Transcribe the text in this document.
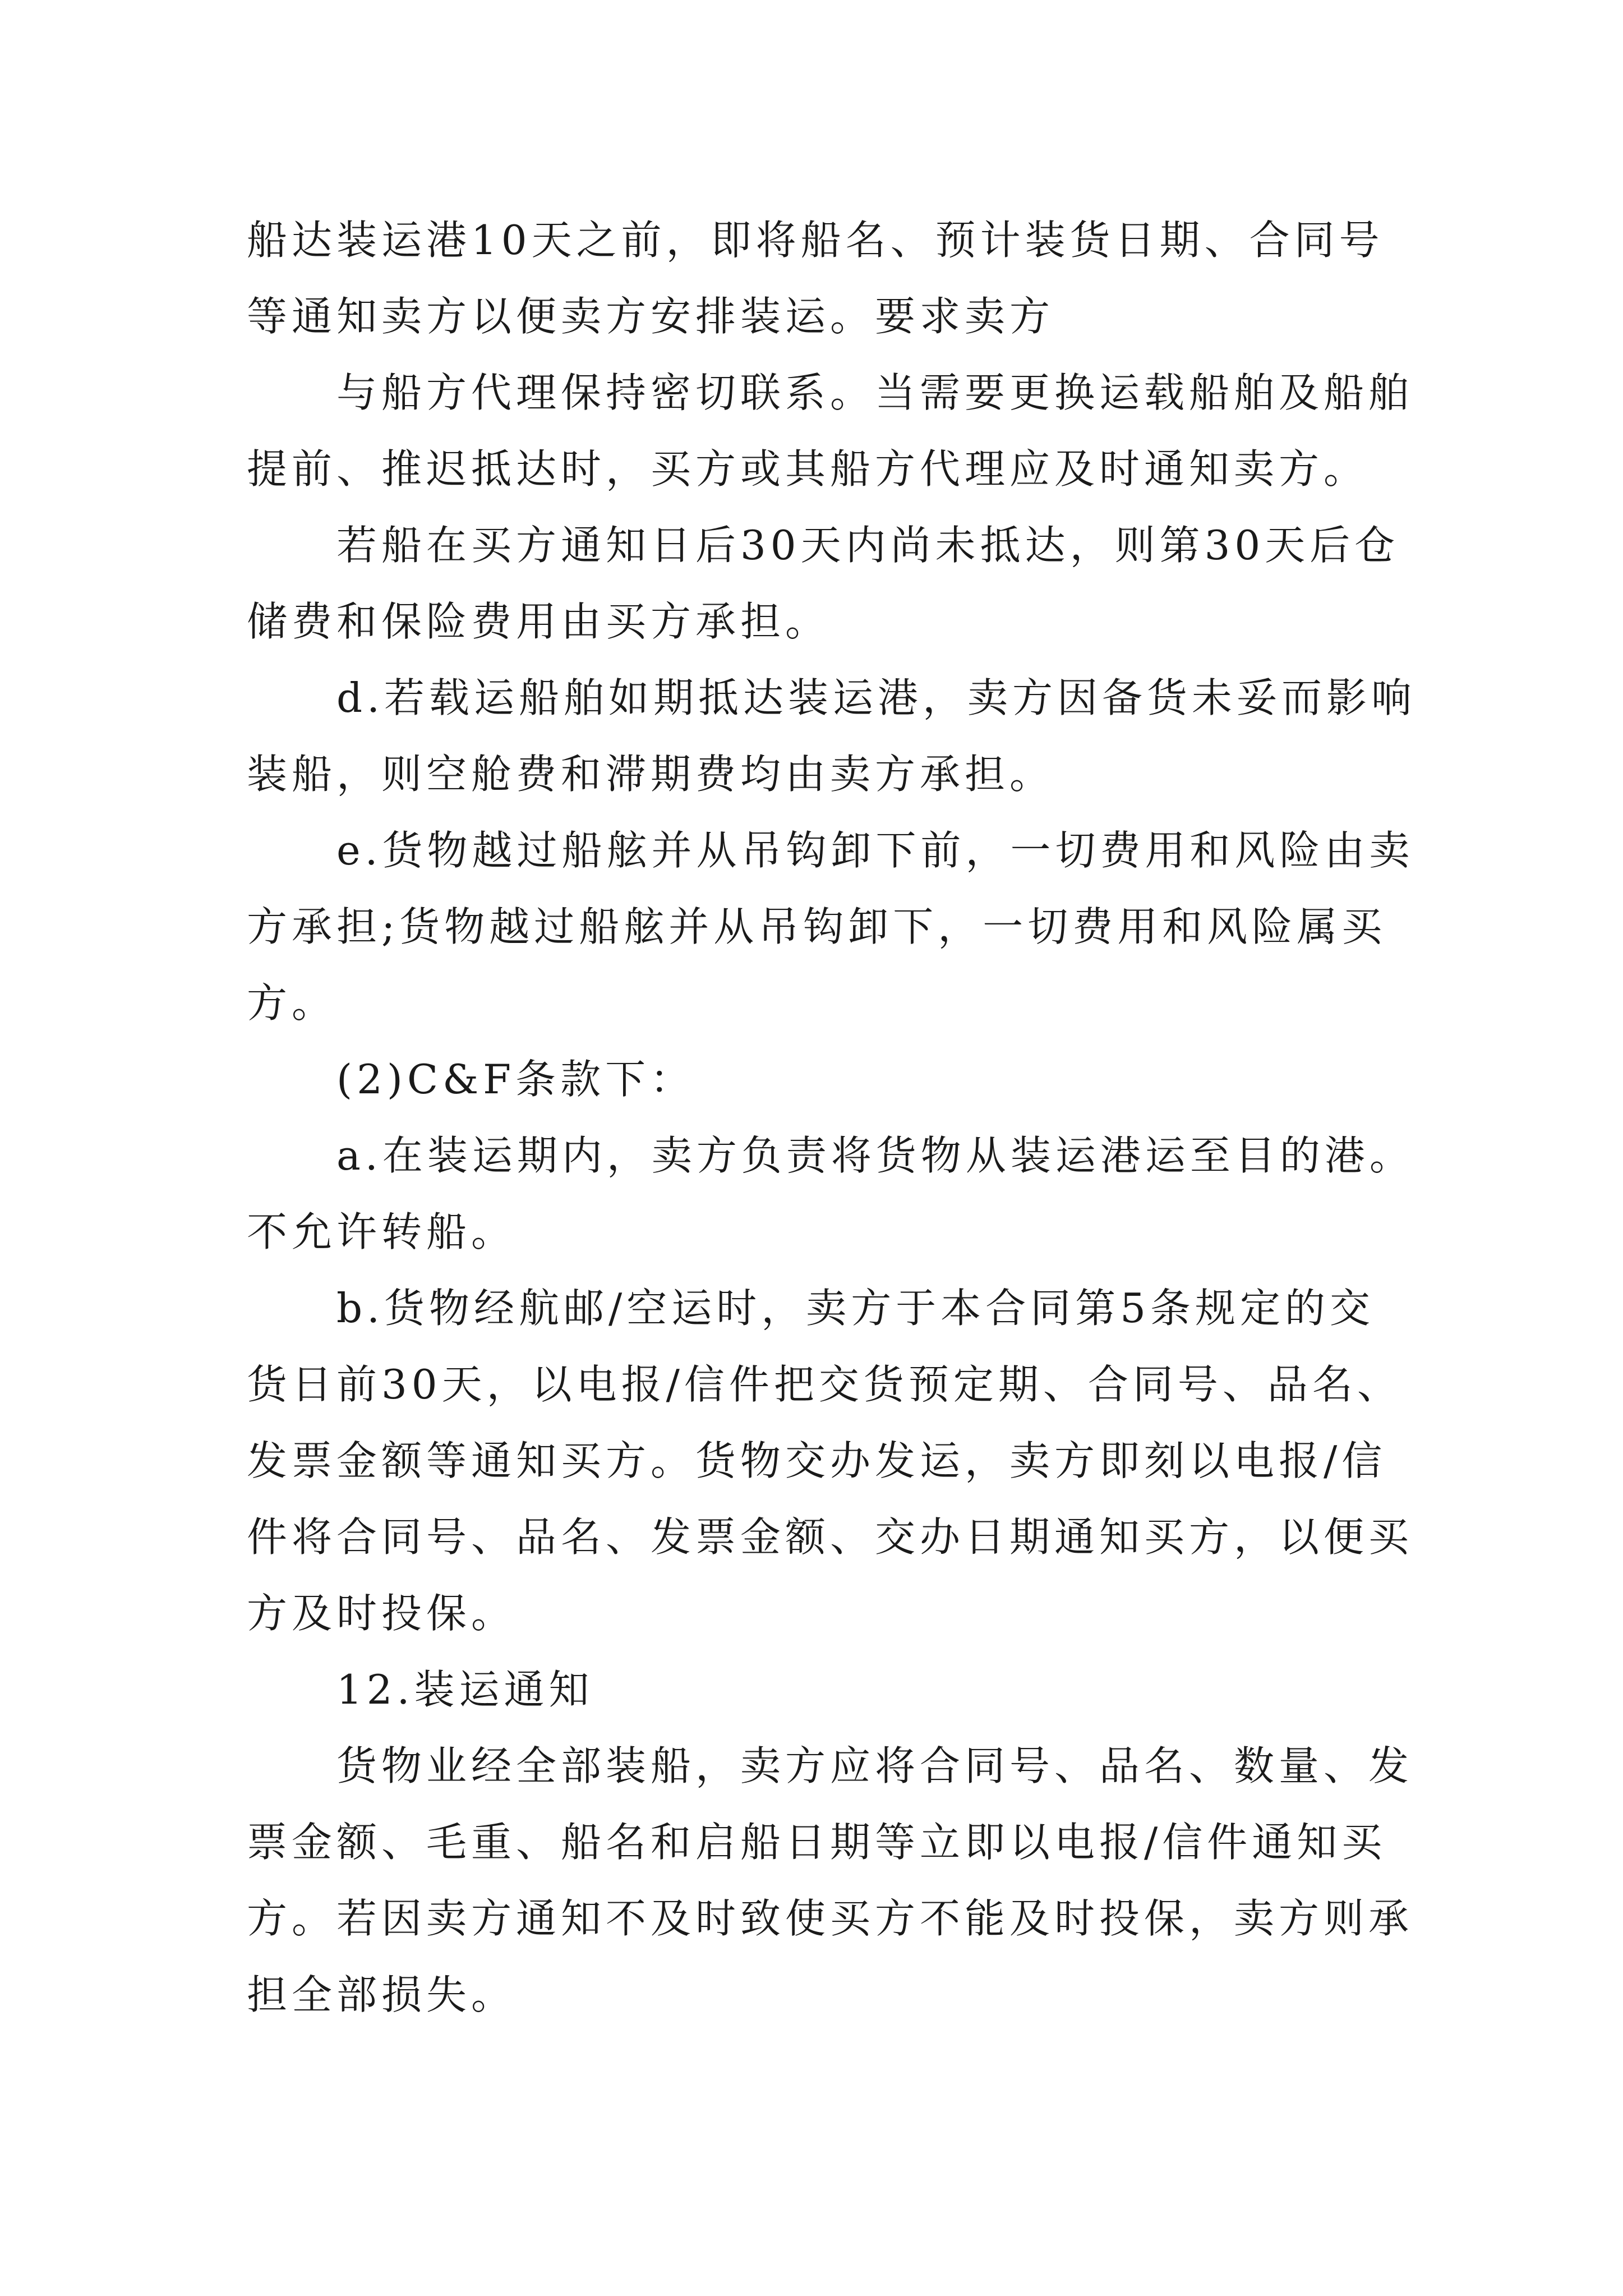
船达装运港10天之前，即将船名、预计装货日期、合同号
等通知卖方以便卖方安排装运。要求卖方
与船方代理保持密切联系。当需要更换运载船舶及船舶
提前、推迟抵达时，买方或其船方代理应及时通知卖方。
若船在买方通知日后30天内尚未抵达，则第30天后仓
储费和保险费用由买方承担。
d.若载运船舶如期抵达装运港，卖方因备货未妥而影响
装船，则空舱费和滞期费均由卖方承担。
e.货物越过船舷并从吊钩卸下前，一切费用和风险由卖
方承担;货物越过船舷并从吊钩卸下，一切费用和风险属买
方。
(2)C&F条款下：
a.在装运期内，卖方负责将货物从装运港运至目的港。
不允许转船。
b.货物经航邮/空运时，卖方于本合同第5条规定的交
货日前30天，以电报/信件把交货预定期、合同号、品名、
发票金额等通知买方。货物交办发运，卖方即刻以电报/信
件将合同号、品名、发票金额、交办日期通知买方，以便买
方及时投保。
12.装运通知
货物业经全部装船，卖方应将合同号、品名、数量、发
票金额、毛重、船名和启船日期等立即以电报/信件通知买
方。若因卖方通知不及时致使买方不能及时投保，卖方则承
担全部损失。
